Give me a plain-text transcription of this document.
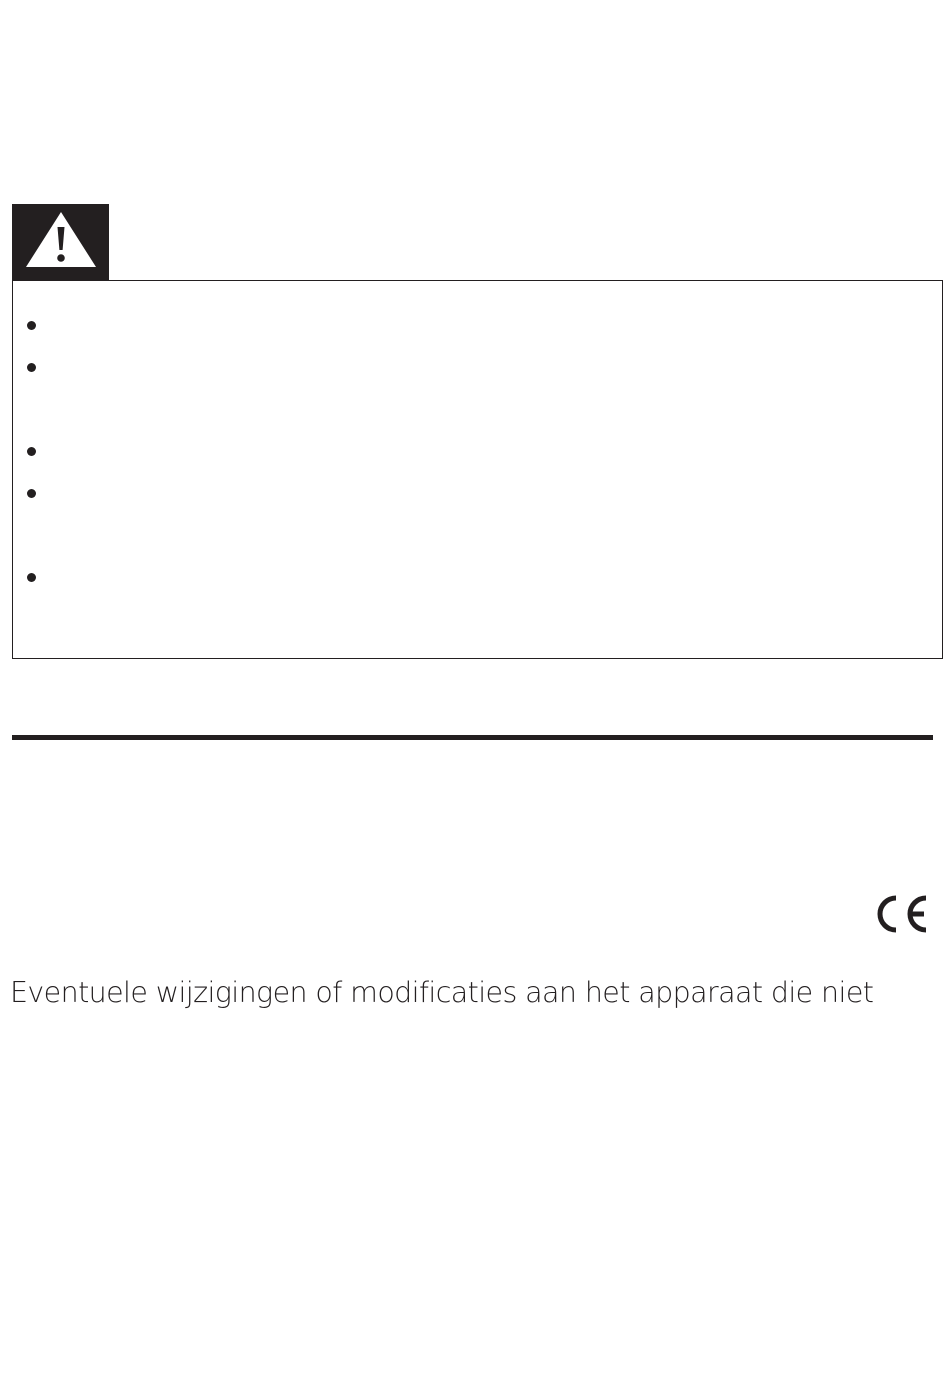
Eventuele wijzigingen of modificaties aan het apparaat die niet
